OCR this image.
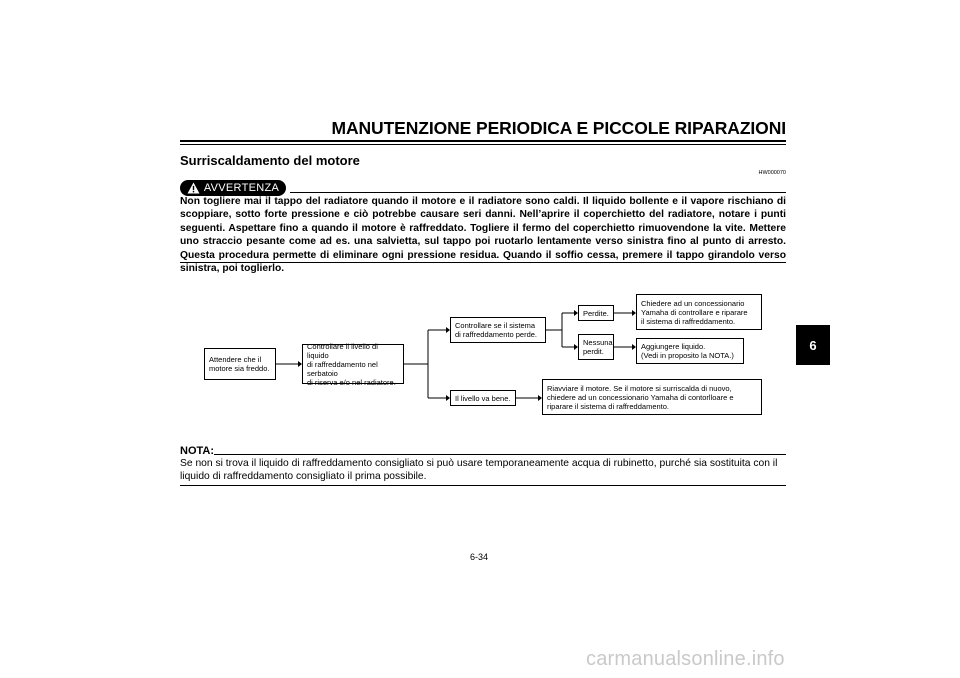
MANUTENZIONE PERIODICA E PICCOLE RIPARAZIONI
Surriscaldamento del motore
HW000070
AVVERTENZA
Non togliere mai il tappo del radiatore quando il motore e il radiatore sono caldi. Il liquido bollente e il vapore rischiano di scoppiare, sotto forte pressione e ciò potrebbe causare seri danni. Nell’aprire il coperchietto del radiatore, notare i punti seguenti. Aspettare fino a quando il motore è raffreddato. Togliere il fermo del coperchietto rimuovendone la vite. Mettere uno straccio pesante come ad es. una salvietta, sul tappo poi ruotarlo lentamente verso sinistra fino al punto di arresto. Questa procedura permette di eliminare ogni pressione residua. Quando il soffio cessa, premere il tappo girandolo verso sinistra, poi toglierlo.
Attendere che il
motore sia freddo.
Controllare il livello di liquido
di raffreddamento nel serbatoio
di riserva e/o nel radiatore.
Controllare se il sistema
di raffreddamento perde.
Il livello va bene.
Perdite.
Nessuna
perdit.
Chiedere ad un concessionario
Yamaha di controllare e riparare
il sistema di raffreddamento.
Aggiungere liquido.
(Vedi in proposito la NOTA.)
Riavviare il motore. Se il motore si surriscalda di nuovo,
chiedere ad un concessionario Yamaha di contorlloare e
riparare il sistema di raffreddamento.
NOTA:
Se non si trova il liquido di raffreddamento consigliato si può usare temporaneamente acqua di rubinetto, purché sia sostituita con il liquido di raffreddamento consigliato il prima possibile.
6-34
6
carmanualsonline.info
